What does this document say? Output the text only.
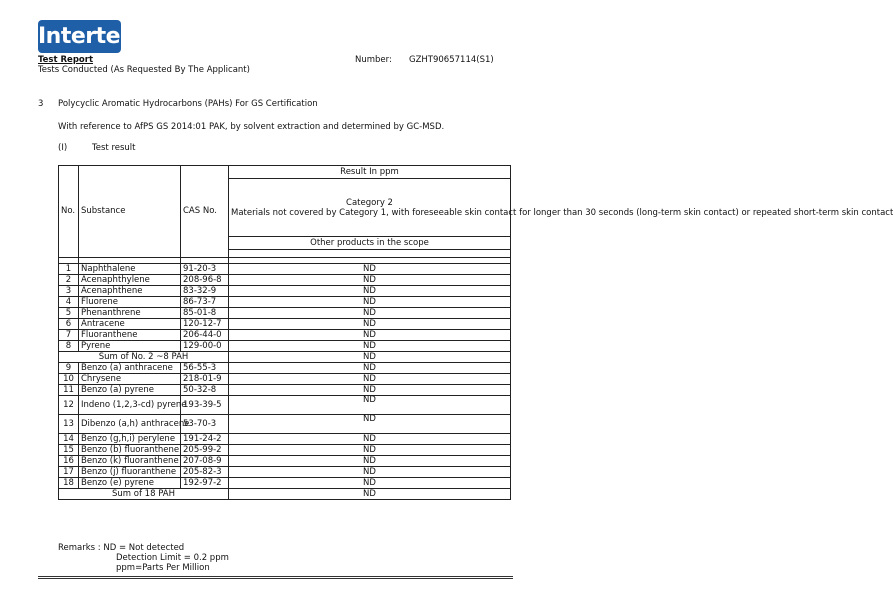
Intertek
Test Report
Tests Conducted (As Requested By The Applicant)
Number: GZHT90657114(S1)
3 Polycyclic Aromatic Hydrocarbons (PAHs) For GS Certification
With reference to AfPS GS 2014:01 PAK, by solvent extraction and determined by GC-MSD.
(I)	Test result
No.	Substance	CAS No.	Result In ppm

			Category 2
Materials not covered by Category 1, with foreseeable skin contact for longer than 30 seconds (long-term skin contact) or repeated short-term skin contact

			Other products in the scope

1	Naphthalene	91-20-3	ND
2	Acenaphthylene	208-96-8	ND
3	Acenaphthene	83-32-9	ND
4	Fluorene	86-73-7	ND
5	Phenanthrene	85-01-8	ND
6	Antracene	120-12-7	ND
7	Fluoranthene	206-44-0	ND
8	Pyrene	129-00-0	ND
Sum of No. 2 ~8 PAH			ND
9	Benzo (a) anthracene	56-55-3	ND
10	Chrysene	218-01-9	ND
11	Benzo (a) pyrene	50-32-8	ND
12	Indeno (1,2,3-cd) pyrene	193-39-5	ND
13	Dibenzo (a,h) anthracene	53-70-3	ND
14	Benzo (g,h,i) perylene	191-24-2	ND
15	Benzo (b) fluoranthene	205-99-2	ND
16	Benzo (k) fluoranthene	207-08-9	ND
17	Benzo (j) fluoranthene	205-82-3	ND
18	Benzo (e) pyrene	192-97-2	ND
Sum of 18 PAH			ND
Remarks : ND = Not detected
Detection Limit = 0.2 ppm
ppm=Parts Per Million
